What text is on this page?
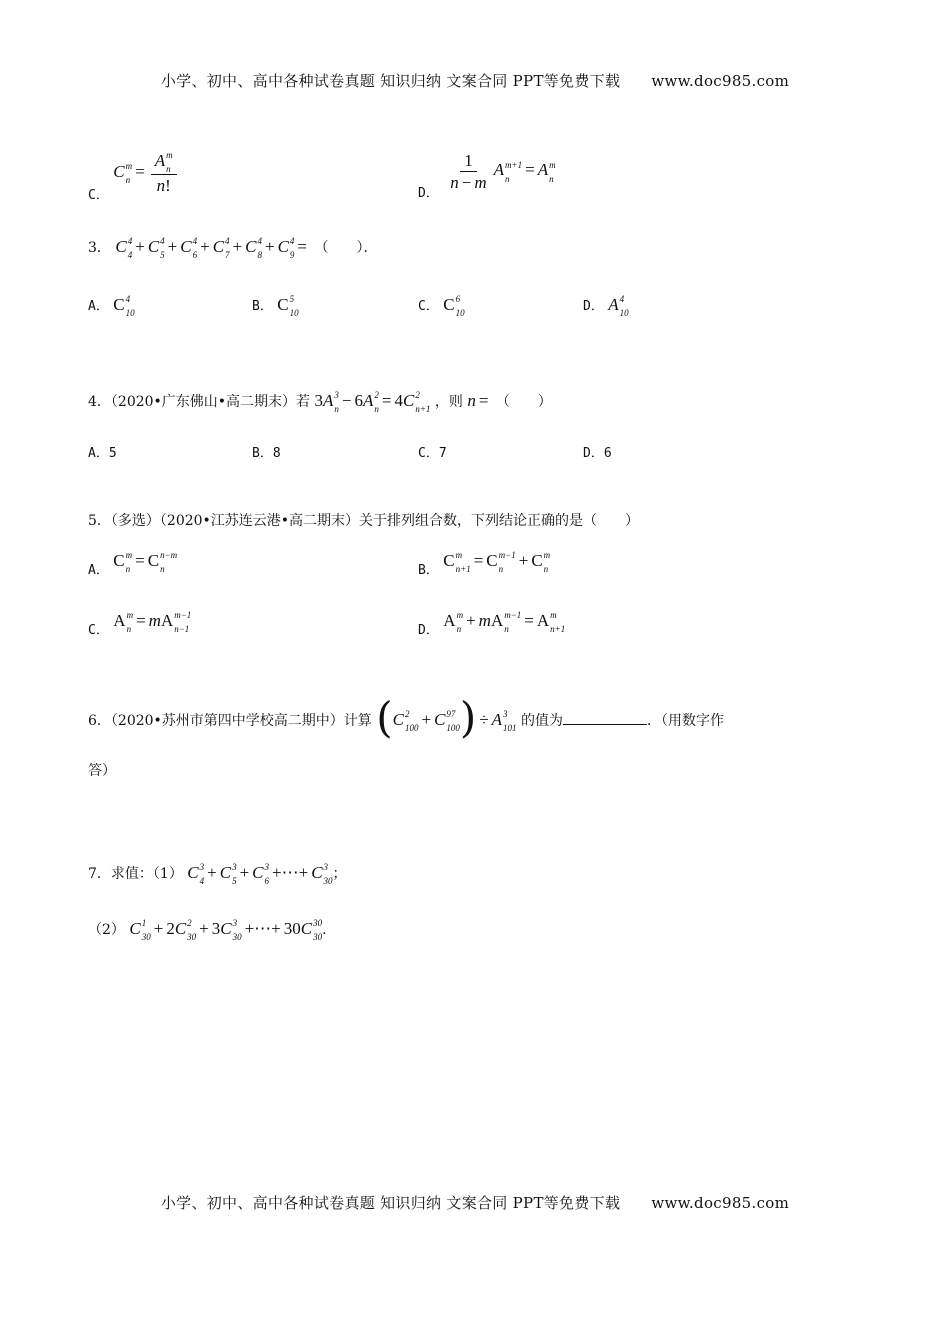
小学、初中、高中各种试卷真题 知识归纳 文案合同 PPT等免费下载 www.doc985.com
C． C m
n = A m
n
n!	D．
$\frac{1}{n - m}$ A m+1
n = A m
n
3． C 4
4 + C 4
5 + C 4
6 + C 4
7 + C 4
8 + C 4
9 = （　　）．
A． C 4
10	B． C 5
10	C． C 6
10	D． A 4
10
4．（2020•广东佛山•高二期末）若 3A 3
n − 6A 2
n = 4C 2
n+1 ，则 n = （　　）
A．5	B．8	C．7	D．6
5．（多选）（2020•江苏连云港•高二期末）关于排列组合数，下列结论正确的是（　　）
A． C m
n = C n−m
n	B． C m
n+1 = C m−1
n + C m
n
C． A m
n = mA m−1
n−1	D． A m
n + mA m−1
n = A m
n+1
6．（2020•苏州市第四中学校高二期中）计算 (C 2
100 + C 97
100 ) ÷ A 3
101 的值为	．（用数字作
答）
7．求值：（1） C 3
4 + C 3
5 + C 3
6 +⋯+ C 3
30 ；
（2） C 1
30 + 2C 2
30 + 3C 3
30 +⋯+ 30C 30
30 .
小学、初中、高中各种试卷真题 知识归纳 文案合同 PPT等免费下载 www.doc985.com
